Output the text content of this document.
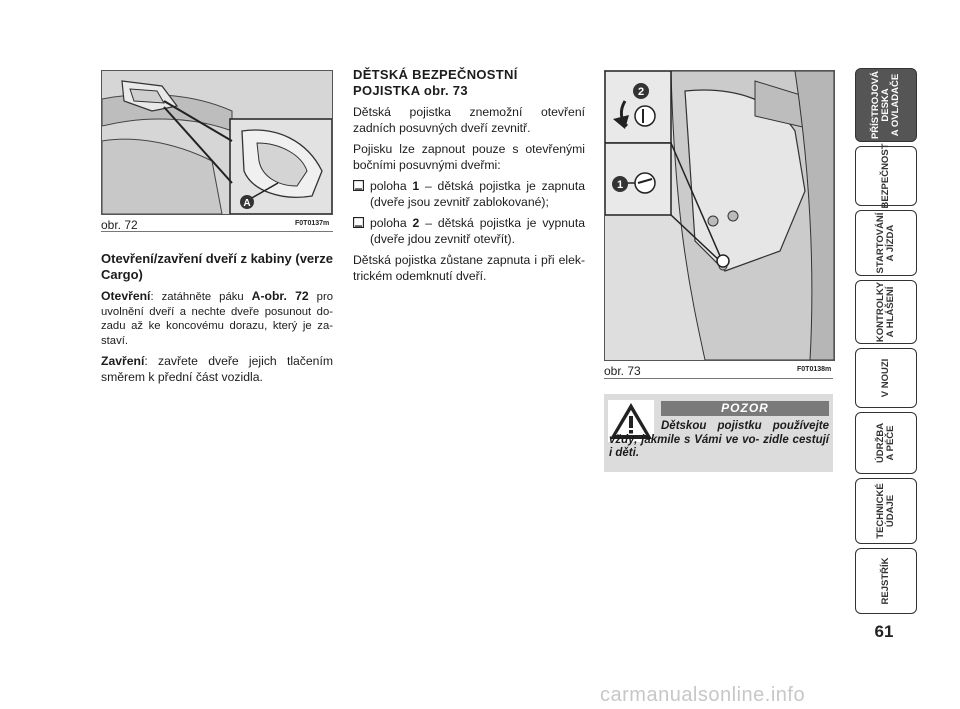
A
obr. 72	F0T0137m

Otevření/zavření dveří z kabiny (verze Cargo)

Otevření: zatáhněte páku A-obr. 72 pro uvolnění dveří a nechte dveře posunout do- zadu až ke koncovému dorazu, který je za- staví.

Zavření: zavřete dveře jejich tlačením směrem k přední část vozidla.

DĚTSKÁ BEZPEČNOSTNÍ POJISTKA obr. 73

Dětská pojistka znemožní otevření zadních posuvných dveří zevnitř.

Pojisku lze zapnout pouze s otevřenými bočními posuvnými dveřmi:

poloha 1 – dětská pojistka je zapnuta (dveře jsou zevnitř zablokované);
poloha 2 – dětská pojistka je vypnuta (dveře jdou zevnitř otevřít).

Dětská pojistka zůstane zapnuta i při elek- trickém odemknutí dveří.

1
2
obr. 73	F0T0138m
POZOR
Dětskou pojistku používejte vždy, jakmile s Vámi ve vo- zidle cestují i děti.
PŘÍSTROJOVÁ
DESKA
A OVLADAČE
BEZPEČNOST
STARTOVÁNÍ
A JÍZDA
KONTROLKY
A HLÁŠENÍ
V NOUZI
ÚDRŽBA
A PÉČE
TECHNICKÉ
ÚDAJE
REJSTŘÍK
61
carmanualsonline.info
